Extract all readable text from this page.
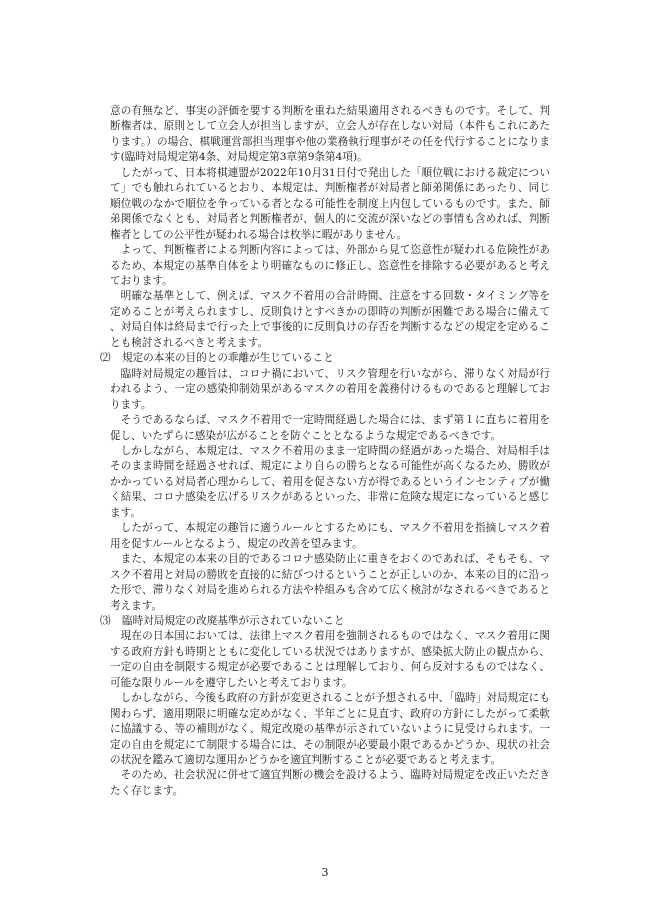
意の有無など、事実の評価を要する判断を重ねた結果適用されるべきものです。そして、判断権者は、原則として立会人が担当しますが、立会人が存在しない対局（本件もこれにあたります。）の場合、棋戦運営部担当理事や他の業務執行理事がその任を代行することになります(臨時対局規定第4条、対局規定第3章第9条第4項)。

したがって、日本将棋連盟が2022年10月31日付で発出した「順位戦における裁定について」でも触れられているとおり、本規定は、判断権者が対局者と師弟関係にあったり、同じ順位戦のなかで順位を争っている者となる可能性を制度上内包しているものです。また、師弟関係でなくとも、対局者と判断権者が、個人的に交流が深いなどの事情も含めれば、判断権者としての公平性が疑われる場合は枚挙に暇がありません。

よって、判断権者による判断内容によっては、外部から見て恣意性が疑われる危険性があるため、本規定の基準自体をより明確なものに修正し、恣意性を排除する必要があると考えております。

明確な基準として、例えば、マスク不着用の合計時間、注意をする回数・タイミング等を定めることが考えられますし、反則負けとすべきかの即時の判断が困難である場合に備えて、対局自体は終局まで行った上で事後的に反則負けの存否を判断するなどの規定を定めることも検討されるべきと考えます。

⑵ 規定の本来の目的との乖離が生じていること

臨時対局規定の趣旨は、コロナ禍において、リスク管理を行いながら、滞りなく対局が行われるよう、一定の感染抑制効果があるマスクの着用を義務付けるものであると理解しております。

そうであるならば、マスク不着用で一定時間経過した場合には、まず第１に直ちに着用を促し、いたずらに感染が広がることを防ぐこととなるような規定であるべきです。

しかしながら、本規定は、マスク不着用のまま一定時間の経過があった場合、対局相手はそのまま時間を経過させれば、規定により自らの勝ちとなる可能性が高くなるため、勝敗がかかっている対局者心理からして、着用を促さない方が得であるというインセンティブが働く結果、コロナ感染を広げるリスクがあるといった、非常に危険な規定になっていると感じます。

したがって、本規定の趣旨に適うルールとするためにも、マスク不着用を指摘しマスク着用を促すルールとなるよう、規定の改善を望みます。

また、本規定の本来の目的であるコロナ感染防止に重きをおくのであれば、そもそも、マスク不着用と対局の勝敗を直接的に結びつけるということが正しいのか、本来の目的に沿った形で、滞りなく対局を進められる方法や枠組みも含めて広く検討がなされるべきであると考えます。

⑶ 臨時対局規定の改廃基準が示されていないこと

現在の日本国においては、法律上マスク着用を強制されるものではなく、マスク着用に関する政府方針も時期とともに変化している状況ではありますが、感染拡大防止の観点から、一定の自由を制限する規定が必要であることは理解しており、何ら反対するものではなく、可能な限りルールを遵守したいと考えております。

しかしながら、今後も政府の方針が変更されることが予想される中、「臨時」対局規定にも関わらず、適用期限に明確な定めがなく、半年ごとに見直す、政府の方針にしたがって柔軟に協議する、等の補則がなく、規定改廃の基準が示されていないように見受けられます。一定の自由を規定にて制限する場合には、その制限が必要最小限であるかどうか、現状の社会の状況を鑑みて適切な運用かどうかを適宜判断することが必要であると考えます。

そのため、社会状況に併せて適宜判断の機会を設けるよう、臨時対局規定を改正いただきたく存じます。

3
